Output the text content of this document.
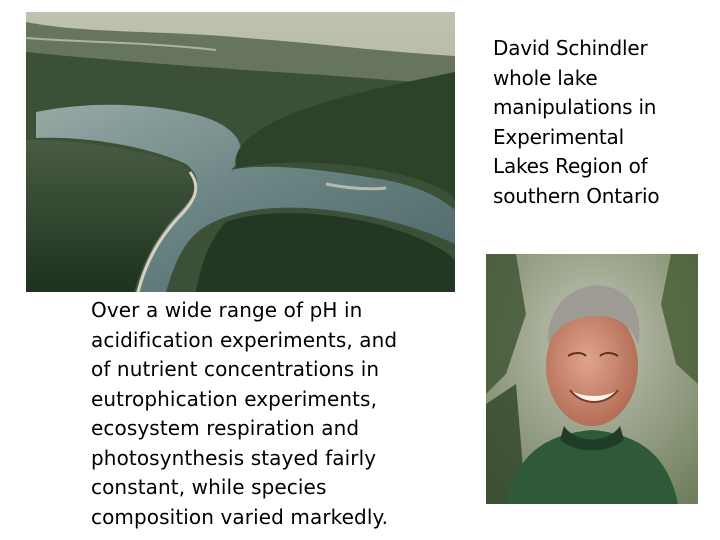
David Schindler
whole lake
manipulations in
Experimental
Lakes Region of
southern Ontario
Over a wide range of pH in
acidification experiments, and
of nutrient concentrations in
eutrophication experiments,
ecosystem respiration and
photosynthesis stayed fairly
constant, while species
composition varied markedly.
